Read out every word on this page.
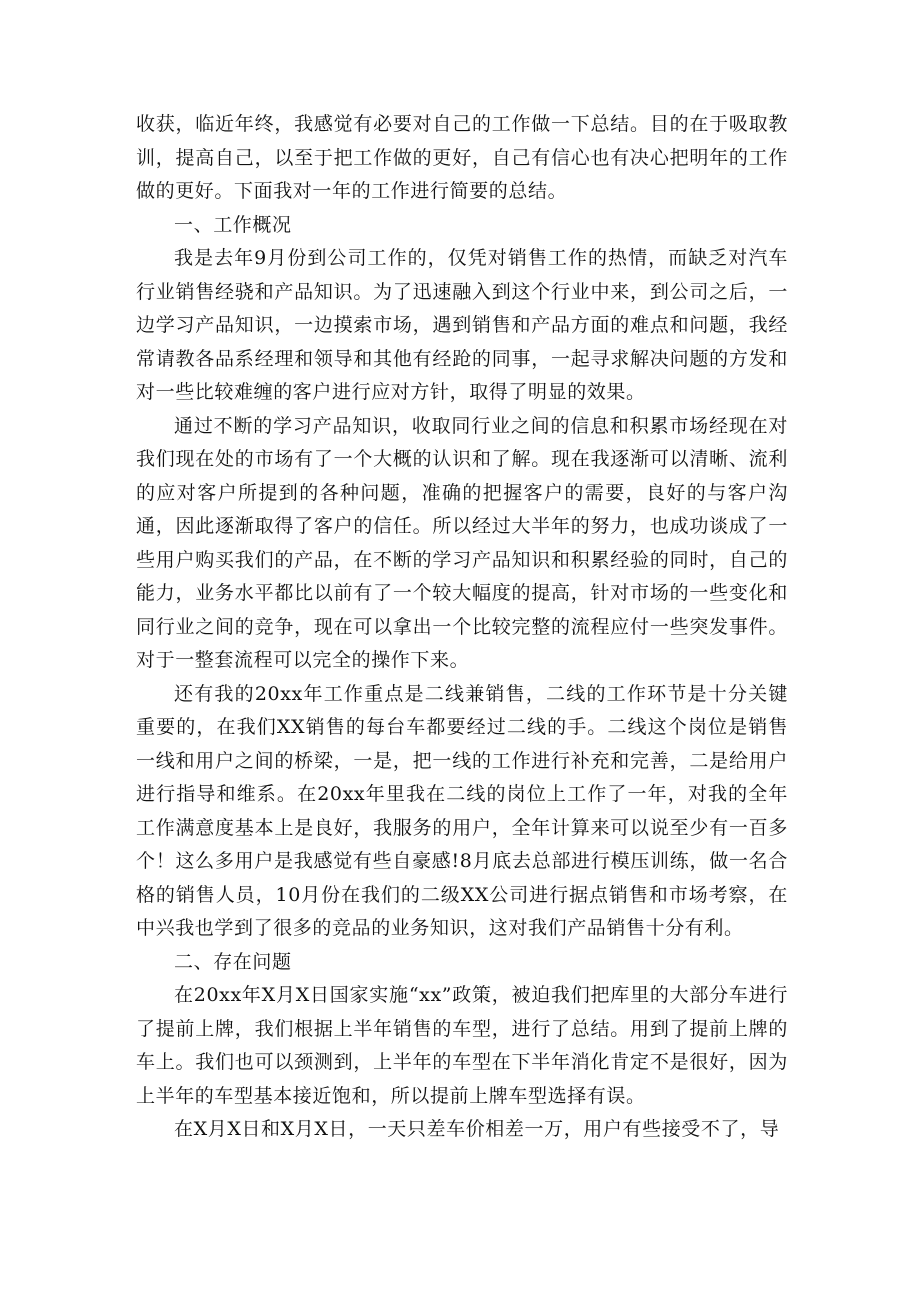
收获，临近年终，我感觉有必要对自己的工作做一下总结。目的在于吸取教训，提高自己，以至于把工作做的更好，自己有信心也有决心把明年的工作做的更好。下面我对一年的工作进行简要的总结。

一、工作概况

我是去年9月份到公司工作的，仅凭对销售工作的热情，而缺乏对汽车行业销售经骁和产品知识。为了迅速融入到这个行业中来，到公司之后，一边学习产品知识，一边摸索市场，遇到销售和产品方面的难点和问题，我经常请教各品系经理和领导和其他有经跄的同事，一起寻求解决问题的方发和对一些比较难缠的客户进行应对方针，取得了明显的效果。

通过不断的学习产品知识，收取同行业之间的信息和积累市场经现在对我们现在处的市场有了一个大概的认识和了解。现在我逐渐可以清晰、流利的应对客户所提到的各种问题，准确的把握客户的需要，良好的与客户沟通，因此逐渐取得了客户的信任。所以经过大半年的努力，也成功谈成了一些用户购买我们的产品，在不断的学习产品知识和积累经验的同时，自己的能力，业务水平都比以前有了一个较大幅度的提高，针对市场的一些变化和同行业之间的竞争，现在可以拿出一个比较完整的流程应付一些突发事件。对于一整套流程可以完全的操作下来。

还有我的20xx年工作重点是二线兼销售，二线的工作环节是十分关键重要的，在我们XX销售的每台车都要经过二线的手。二线这个岗位是销售一线和用户之间的桥梁，一是，把一线的工作进行补充和完善，二是给用户进行指导和维系。在20xx年里我在二线的岗位上工作了一年，对我的全年工作满意度基本上是良好，我服务的用户，全年计算来可以说至少有一百多个！这么多用户是我感觉有些自豪感!8月底去总部进行模压训练，做一名合格的销售人员，10月份在我们的二级XX公司进行据点销售和市场考察，在中兴我也学到了很多的竞品的业务知识，这对我们产品销售十分有利。

二、存在问题

在20xx年X月X日国家实施“xx”政策，被迫我们把库里的大部分车进行了提前上牌，我们根据上半年销售的车型，进行了总结。用到了提前上牌的车上。我们也可以颈测到，上半年的车型在下半年消化肯定不是很好，因为上半年的车型基本接近饱和，所以提前上牌车型选择有误。

在X月X日和X月X日，一天只差车价相差一万，用户有些接受不了，导
